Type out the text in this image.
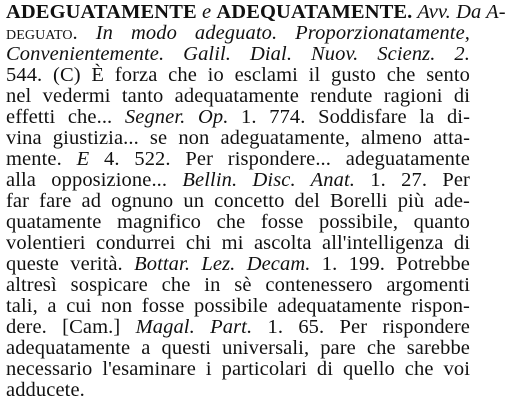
ADEGUATAMENTE e ADEQUATAMENTE. Avv. Da A-
deguato. In modo adeguato. Proporzionatamente,
Convenientemente. Galil. Dial. Nuov. Scienz. 2.
544. (C) È forza che io esclami il gusto che sento
nel vedermi tanto adequatamente rendute ragioni di
effetti che... Segner. Op. 1. 774. Soddisfare la di-
vina giustizia... se non adeguatamente, almeno atta-
mente. E 4. 522. Per rispondere... adeguatamente
alla opposizione... Bellin. Disc. Anat. 1. 27. Per
far fare ad ognuno un concetto del Borelli più ade-
quatamente magnifico che fosse possibile, quanto
volentieri condurrei chi mi ascolta all'intelligenza di
queste verità. Bottar. Lez. Decam. 1. 199. Potrebbe
altresì sospicare che in sè contenessero argomenti
tali, a cui non fosse possibile adequatamente rispon-
dere. [Cam.] Magal. Part. 1. 65. Per rispondere
adequatamente a questi universali, pare che sarebbe
necessario l'esaminare i particolari di quello che voi
adducete.
